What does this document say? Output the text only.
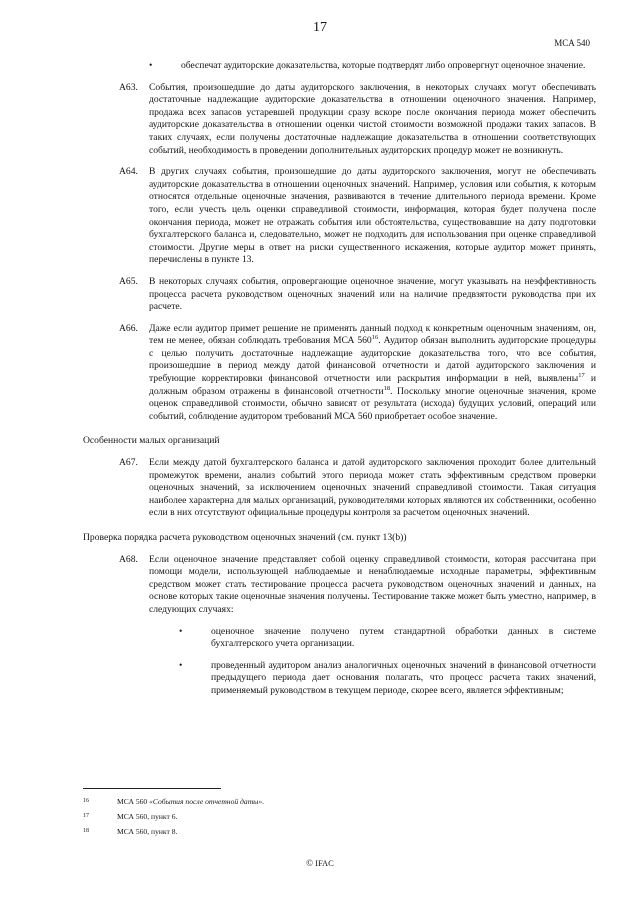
17
MCA 540
•	обеспечат аудиторские доказательства, которые подтвердят либо опровергнут оценочное значение.
A63. События, произошедшие до даты аудиторского заключения, в некоторых случаях могут обеспечивать достаточные надлежащие аудиторские доказательства в отношении оценочного значения. Например, продажа всех запасов устаревшей продукции сразу вскоре после окончания периода может обеспечить аудиторские доказательства в отношении оценки чистой стоимости возможной продажи таких запасов. В таких случаях, если получены достаточные надлежащие доказательства в отношении соответствующих событий, необходимость в проведении дополнительных аудиторских процедур может не возникнуть.
A64. В других случаях события, произошедшие до даты аудиторского заключения, могут не обеспечивать аудиторские доказательства в отношении оценочных значений. Например, условия или события, к которым относятся отдельные оценочные значения, развиваются в течение длительного периода времени. Кроме того, если учесть цель оценки справедливой стоимости, информация, которая будет получена после окончания периода, может не отражать события или обстоятельства, существовавшие на дату подготовки бухгалтерского баланса и, следовательно, может не подходить для использования при оценке справедливой стоимости. Другие меры в ответ на риски существенного искажения, которые аудитор может принять, перечислены в пункте 13.
A65. В некоторых случаях события, опровергающие оценочное значение, могут указывать на неэффективность процесса расчета руководством оценочных значений или на наличие предвзятости руководства при их расчете.
A66. Даже если аудитор примет решение не применять данный подход к конкретным оценочным значениям, он, тем не менее, обязан соблюдать требования МСА $560^{16}$. Аудитор обязан выполнить аудиторские процедуры с целью получить достаточные надлежащие аудиторские доказательства того, что все события, произошедшие в период между датой финансовой отчетности и датой аудиторского заключения и требующие корректировки финансовой отчетности или раскрытия информации в ней, выявлены$^{17}$ и должным образом отражены в финансовой отчетности$^{18}$. Поскольку многие оценочные значения, кроме оценок справедливой стоимости, обычно зависят от результата (исхода) будущих условий, операций или событий, соблюдение аудитором требований МСА 560 приобретает особое значение.
Особенности малых организаций
A67. Если между датой бухгалтерского баланса и датой аудиторского заключения проходит более длительный промежуток времени, анализ событий этого периода может стать эффективным средством проверки оценочных значений, за исключением оценочных значений справедливой стоимости. Такая ситуация наиболее характерна для малых организаций, руководителями которых являются их собственники, особенно если в них отсутствуют официальные процедуры контроля за расчетом оценочных значений.
Проверка порядка расчета руководством оценочных значений (см. пункт 13(b))
A68. Если оценочное значение представляет собой оценку справедливой стоимости, которая рассчитана при помощи модели, использующей наблюдаемые и ненаблюдаемые исходные параметры, эффективным средством может стать тестирование процесса расчета руководством оценочных значений и данных, на основе которых такие оценочные значения получены. Тестирование также может быть уместно, например, в следующих случаях:
•	оценочное значение получено путем стандартной обработки данных в системе бухгалтерского учета организации.
•	проведенный аудитором анализ аналогичных оценочных значений в финансовой отчетности предыдущего периода дает основания полагать, что процесс расчета таких значений, применяемый руководством в текущем периоде, скорее всего, является эффективным;
16	МСА 560 «События после отчетной даты».
17	МСА 560, пункт 6.
18	МСА 560, пункт 8.
© IFAC
